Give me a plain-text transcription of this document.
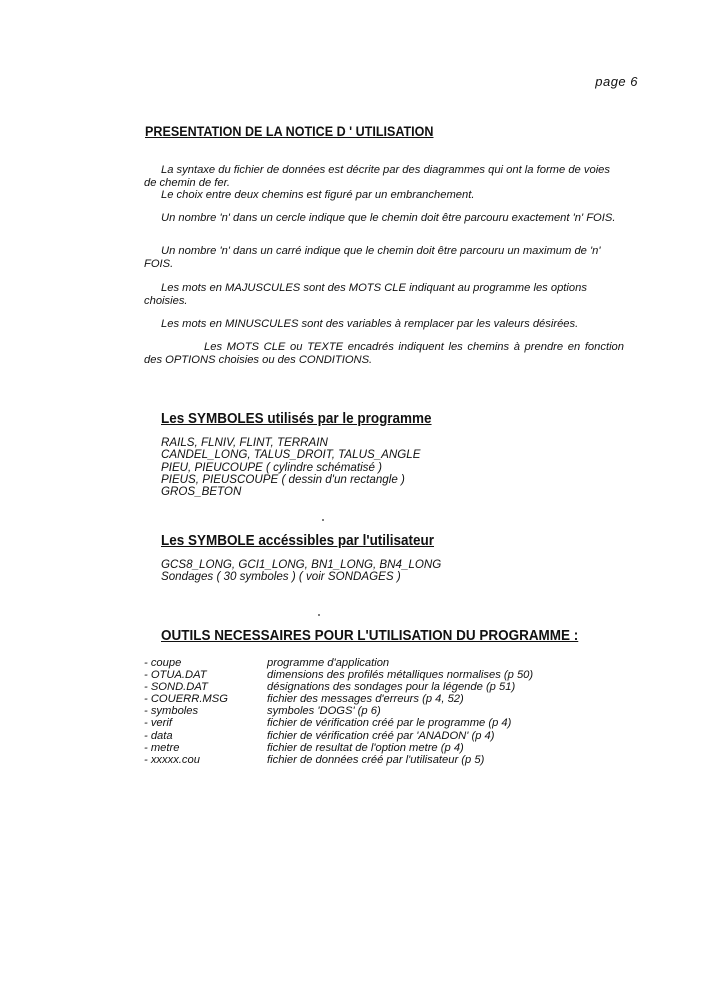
page 6
PRESENTATION DE LA NOTICE D ' UTILISATION

La syntaxe du fichier de données est décrite par des diagrammes qui ont la forme de voies de chemin de fer.
Le choix entre deux chemins est figuré par un embranchement.

Un nombre 'n' dans un cercle indique que le chemin doit être parcouru exactement 'n' FOIS.

Un nombre 'n' dans un carré indique que le chemin doit être parcouru un maximum de 'n' FOIS.

Les mots en MAJUSCULES sont des MOTS CLE indiquant au programme les options choisies.

Les mots en MINUSCULES sont des variables à remplacer par les valeurs désirées.

Les MOTS CLE ou TEXTE encadrés indiquent les chemins à prendre en fonction des OPTIONS choisies ou des CONDITIONS.

Les SYMBOLES utilisés par le programme
RAILS, FLNIV, FLINT, TERRAIN
CANDEL_LONG, TALUS_DROIT, TALUS_ANGLE
PIEU, PIEUCOUPE ( cylindre schématisé )
PIEUS, PIEUSCOUPE ( dessin d'un rectangle )
GROS_BETON
Les SYMBOLE accéssibles par l'utilisateur
GCS8_LONG, GCI1_LONG, BN1_LONG, BN4_LONG
Sondages ( 30 symboles ) ( voir SONDAGES )
OUTILS NECESSAIRES POUR L'UTILISATION DU PROGRAMME :
- coupe	programme d'application
- OTUA.DAT	dimensions des profilés métalliques normalises (p 50)
- SOND.DAT	désignations des sondages pour la légende (p 51)
- COUERR.MSG	fichier des messages d'erreurs (p 4, 52)
- symboles	symboles 'DOGS' (p 6)
- verif	fichier de vérification créé par le programme (p 4)
- data	fichier de vérification créé par 'ANADON' (p 4)
- metre	fichier de resultat de l'option metre (p 4)
- xxxxx.cou	fichier de données créé par l'utilisateur (p 5)
